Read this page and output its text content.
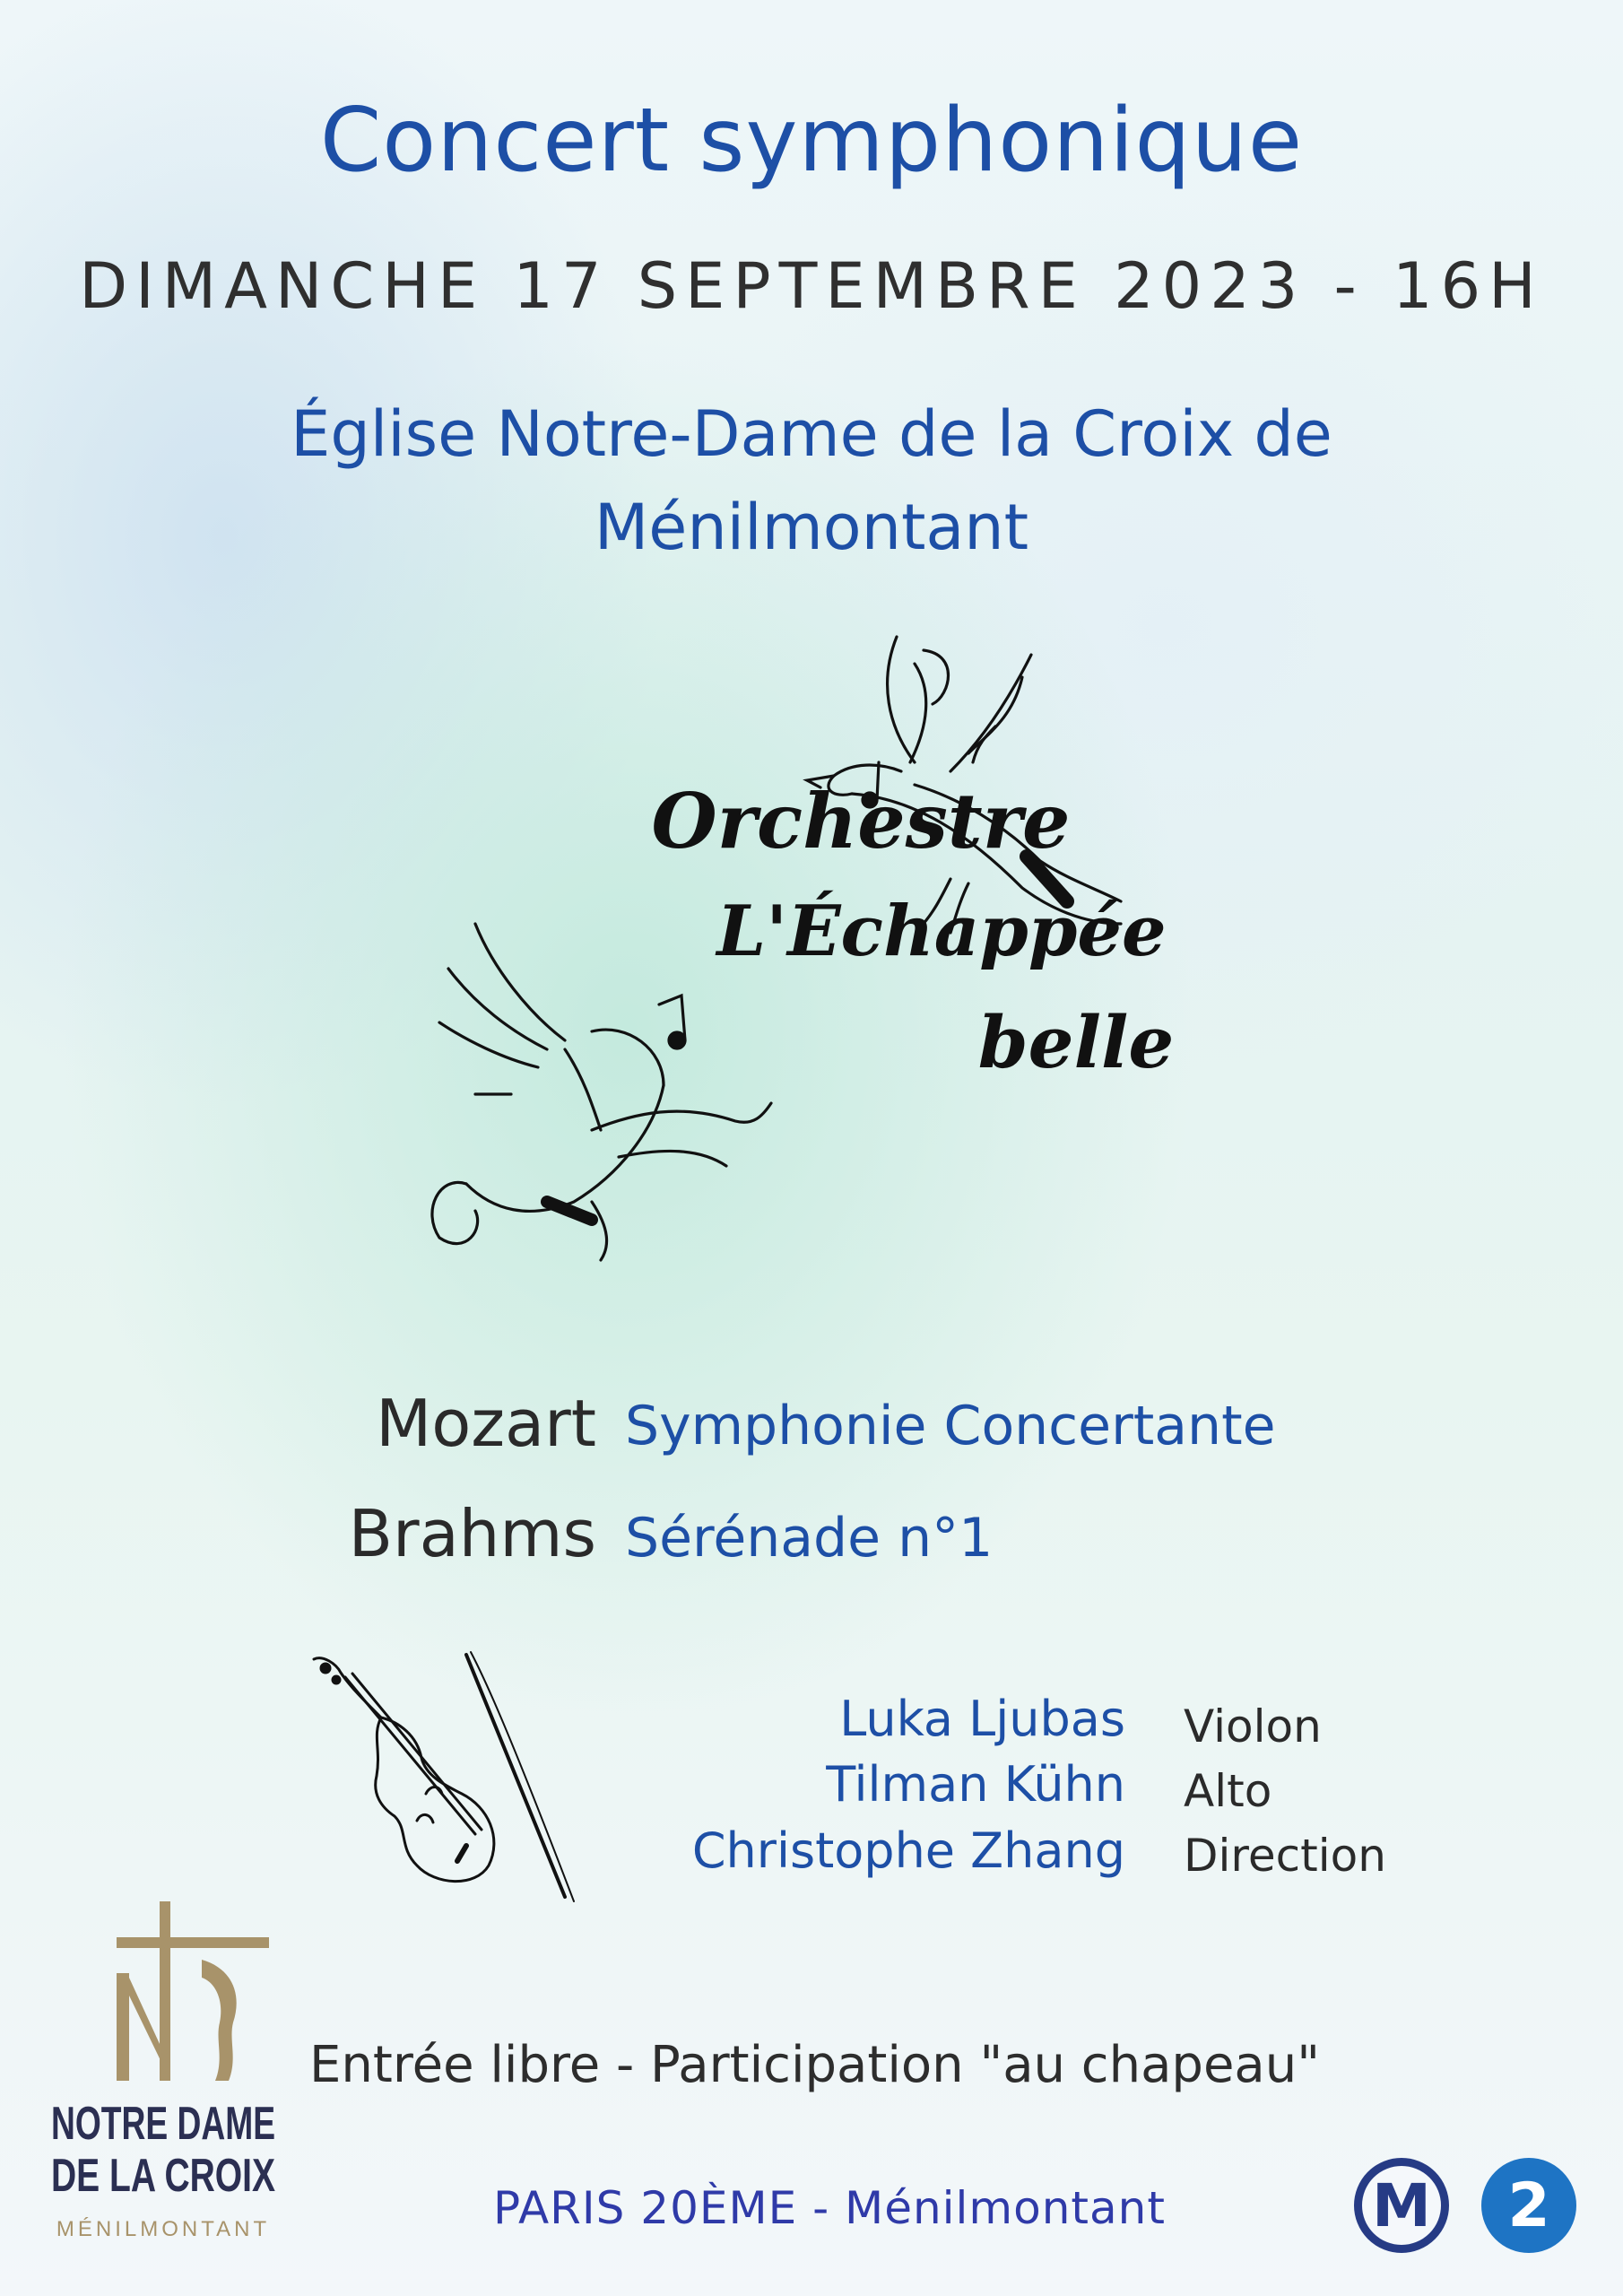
Concert symphonique
DIMANCHE 17 SEPTEMBRE 2023 - 16H
Église Notre-Dame de la Croix de
Ménilmontant
Orchestre
L'Échappée
belle
Mozart Symphonie Concertante
Brahms Sérénade n°1
Luka Ljubas Violon
Tilman Kühn Alto
Christophe Zhang Direction
NOTRE DAME
DE LA CROIX
MÉNILMONTANT
Entrée libre - Participation "au chapeau"
PARIS 20ÈME - Ménilmontant	M 2
